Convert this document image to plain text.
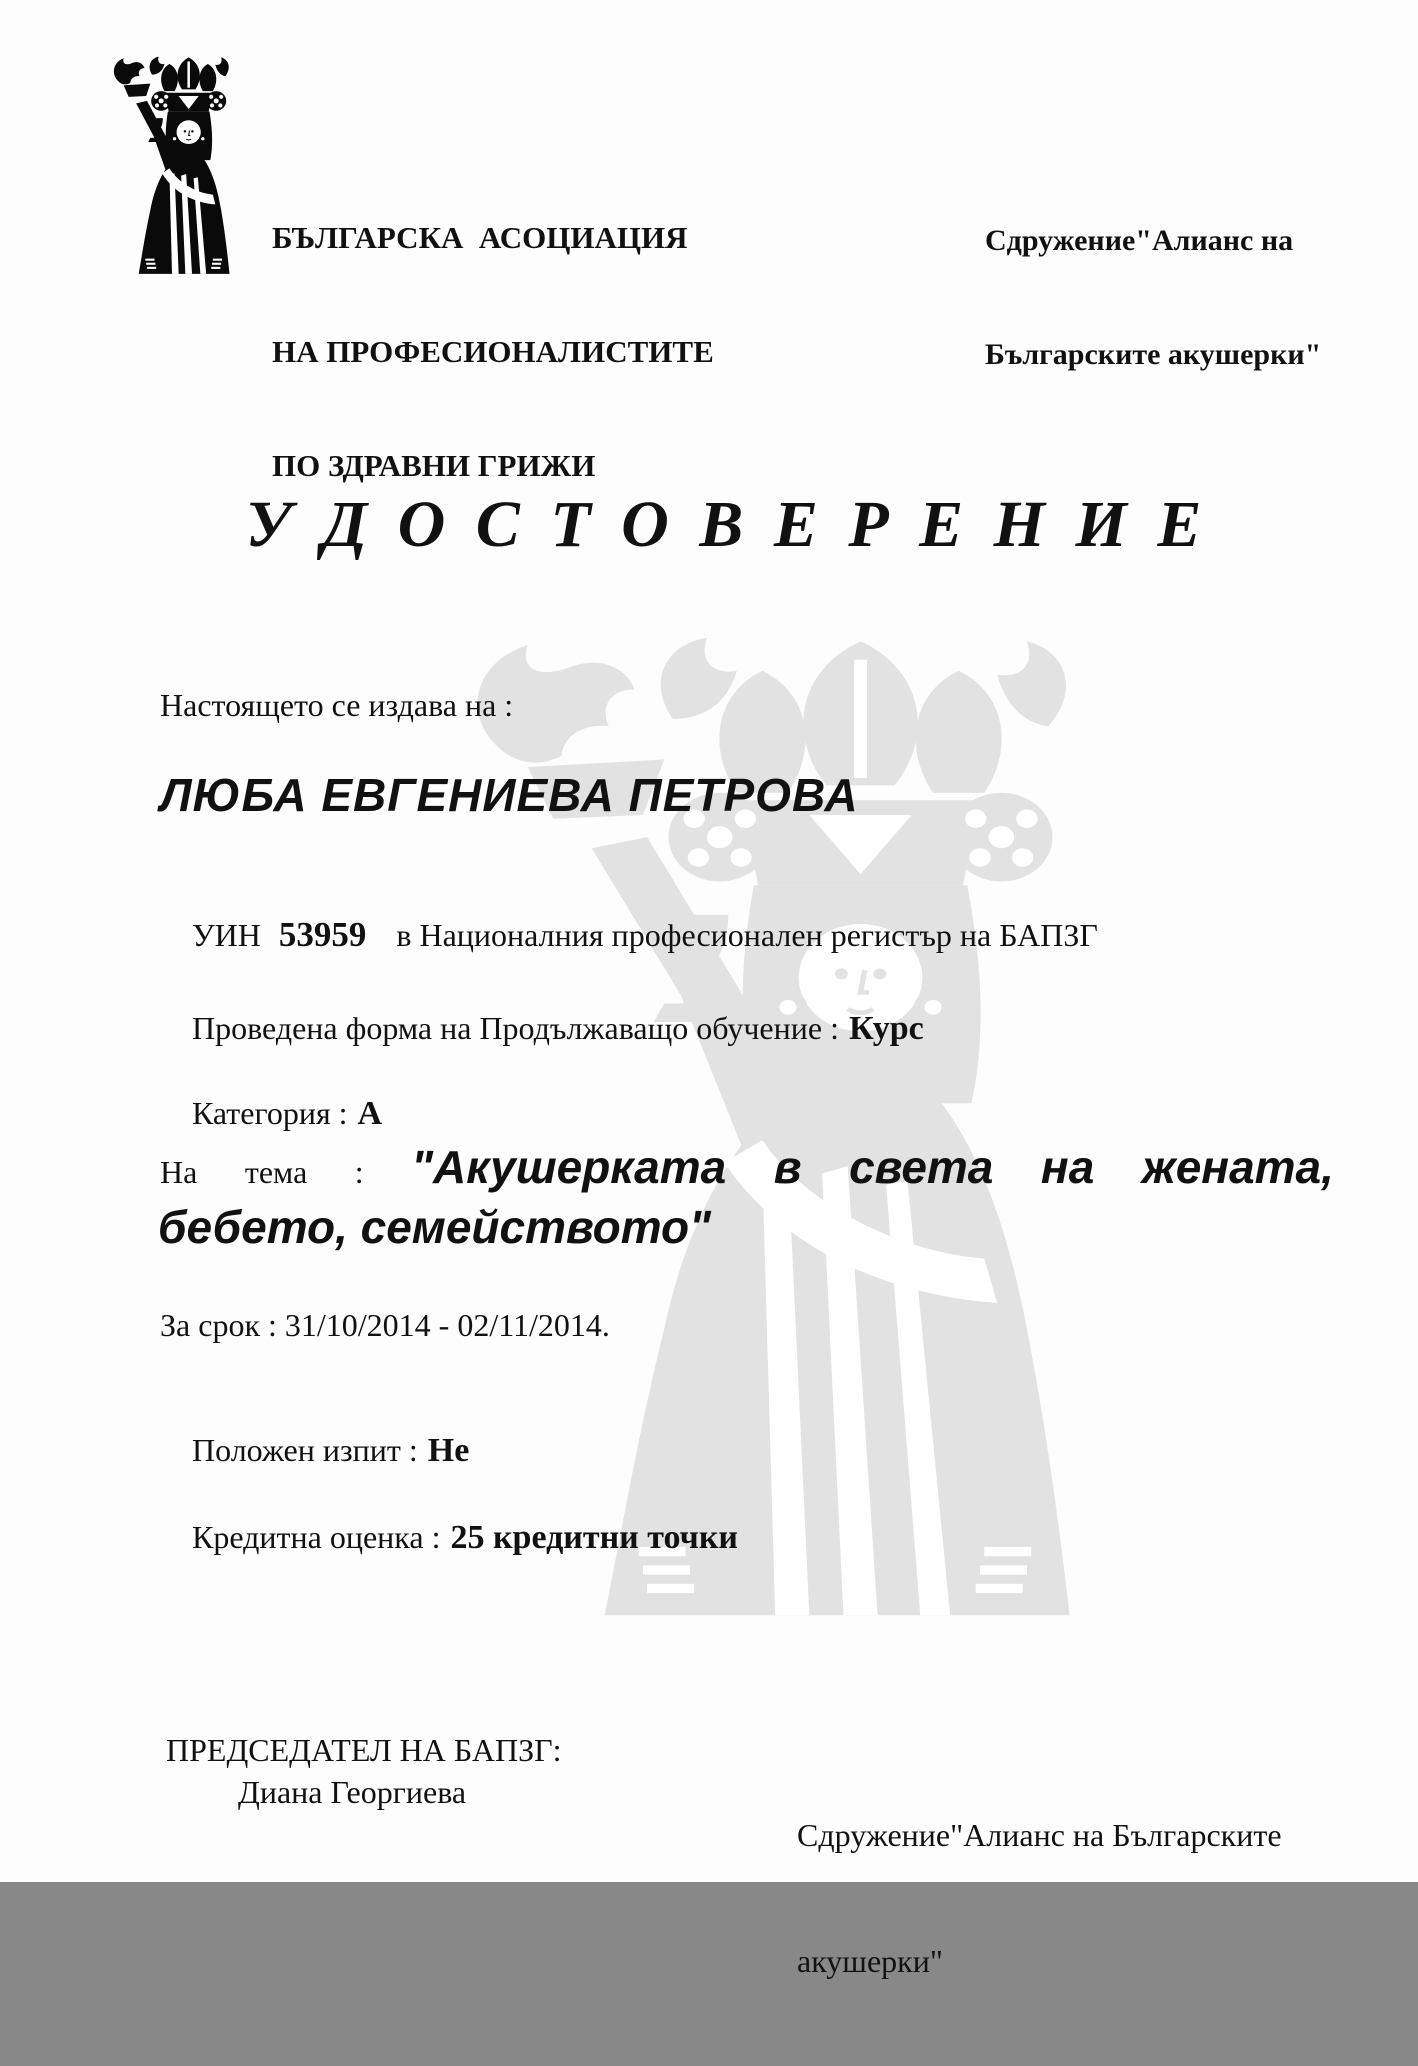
БЪЛГАРСКА  АСОЦИАЦИЯ

НА ПРОФЕСИОНАЛИСТИТЕ

ПО ЗДРАВНИ ГРИЖИ

Сдружение"Алианс на

Българските акушерки"

У Д О С Т О В Е Р Е Н И Е
Настоящето се издава на :
ЛЮБА ЕВГЕНИЕВА ПЕТРОВА

УИН 53959 в Националния професионален регистър на БАПЗГ

Проведена форма на Продължаващо обучение : Курс

Категория : А

На тема : "Акушерката в света на жената,
бебето, семейството"
За срок : 31/10/2014 - 02/11/2014.

Положен изпит : Не

Кредитна оценка : 25 кредитни точки

ПРЕДСЕДАТЕЛ НА БАПЗГ:
Диана Георгиева

Сдружение"Алианс на Българските

акушерки"
